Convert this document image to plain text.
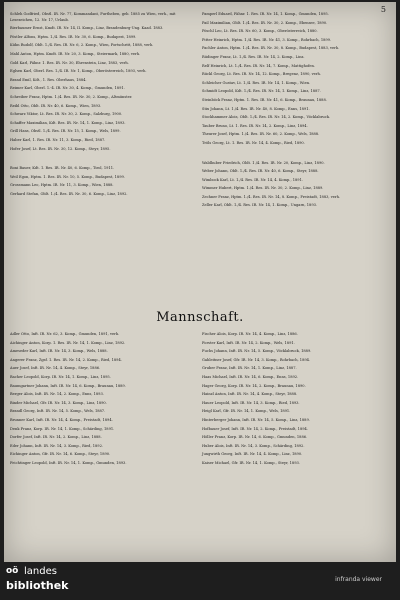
5
Schleh Godfried, Obstl. IR. Nr. 77, Kommandant, Furtheben, geb. 1885 zu Wien, verh., mit Lesezeichen, 12. Nr. 17, Urlaub.
Bierbaumer Ernst, Kmdt. IR. Nr. 14, II. Komp., Linz, Brandenburg-Ung. Kaad. 1883.
Pöstler Alfons, Hptm. 1./4. Res. IR. Nr. 30, 6. Komp., Budapest, 1899.
Kühn Rudolf, Oblt. 1./4. Res. IR. Nr. 6, 2. Komp., Wien, Fortschritt, 1888, verh.
Mahl Anton, Hptm. Kmdt. IR. Nr. 20, 3. Komp., Steiermark, 1880, verh.
Gold Karl, Fähnr. 1. Res. IR. Nr. 30, Ehrenstein, Linz, 1883, verh.
Eglsen Karl, Oberl. Res. 1./4. IR. Nr. 1, Komp., Oberösterreich, 1893, verh.
Brand Emil, Kdt., 1. Res. Oberhaus, 1884.
Reimer Karl, Oberl. 1.-4. IR. Nr. 30, 4. Komp., Gmunden, 1891.
Schreiber Franz, Hptm. 1./4. Res. IR. Nr. 30, 2. Komp., Altmünster.
Reibl Otto, Oblt. IR. Nr. 40, 6. Komp., Wien, 1893.
Schwarz Viktor, Lt. Res. IR. Nr. 30, 2. Komp., Salzburg, 1900.
Schaffer Maximilian, Kdt. Res. IR. Nr. 14, 1. Komp., Linz, 1893.
Grill Hans, Obstl. 1./4. Res. IR. Nr. 15, 1. Komp., Wels, 1899.
Haber Karl, 1. Res. IR. Nr. 11, 3. Komp., Ried, 1887.
Hofer Josef, Lt. Res. IR. Nr. 30, 12. Komp., Steyr, 1895.
Boni Bauer, Kdt. 1. Res. IR. Nr. 40, 6. Komp., Tirol, 1911.
Weil Egon, Hptm. 1. Res. IR. Nr. 10, 5. Komp., Budapest, 1899.
Grossmann Leo, Hptm. IR. Nr. 11, 3. Komp., Wien, 1888.
Gerhard Stefan, Oblt. 1./4. Res. IR. Nr. 30, 6. Komp., Linz, 1892.
Pamperl Eduard, Fähnr. 1. Res. IR. Nr. 14, 1. Komp., Gmunden, 1895.
Pail Maximilian, Oblt. 1./4. Res. IR. Nr. 30, 2. Komp., Ebensee, 1890.
Pöschl Leo, Lt. Res. IR. Nr. 60, 3. Komp., Oberösterreich, 1880.
Pitter Heinrich, Hptm. 1./4. Res. IR. Nr. 41, 3. Komp., Rohrbach, 1899.
Pachler Anton, Hptm. 1./4. Res. IR. Nr. 30, 8. Komp., Budapest, 1883, verh.
Rüdinger Franz, Lt. 1./4. Res. IR. Nr. 14, 2. Komp., Linz.
Relf Heinrich, Lt. 1./4. Res. IR. Nr. 14, 7. Komp., Mattighofen.
Rückl Georg, Lt. Res. IR. Nr. 14, 12. Komp., Bregenz, 1890, verh.
Schleicher Gustav, Lt. 1./4. Res. IR. Nr. 14, 1. Komp., Wien.
Schmidt Leopold, Kdt. 1./4. Res. IR. Nr. 14, 1. Komp., Linz, 1887.
Steinböck Franz, Hptm. 1. Res. IR. Nr. 41, 6. Komp., Braunau, 1888.
Stix Johann, Lt. 1./4. Res. IR. Nr. 40, 8. Komp., Enns, 1891.
Stockhammer Alois, Oblt. 1./4. Res. IR. Nr. 14, 2. Komp., Vöcklabruck.
Tauber Bruno, Lt. 1. Res. IR. Nr. 14, 2. Komp., Linz, 1894.
Theurer Josef, Hptm. 1./4. Res. IR. Nr. 60, 2. Komp., Wels, 1888.
Tröls Georg, Lt. 1. Res. IR. Nr. 14, 4. Komp., Ried, 1890.
Waldhuber Friedrich, Oblt. 1./4. Res. IR. Nr. 20, Komp., Linz, 1890.
Weber Johann, Oblt. 1./4. Res. IR. Nr. 40, 6. Komp., Steyr, 1888.
Wimbock Karl, Lt. 1./4. Res. IR. Nr. 14, 4. Komp., 1891.
Wimmer Hubert, Hptm. 1./4. Res. IR. Nr. 30, 2. Komp., Linz, 1889.
Zechner Franz, Hptm. 1./4. Res. IR. Nr. 14, 8. Komp., Freistadt, 1883, verh.
Zeller Karl, Oblt. 1./4. Res. IR. Nr. 14, 1. Komp., Ungarn, 1893.
Mannschaft.
Adler Otto, Inft. IR. Nr. 62, 3. Komp., Gmunden, 1891, verh.
Aichinger Anton, Korp. 1. Res. IR. Nr. 14, 1. Komp., Linz, 1892.
Ameseder Karl, Inft. IR. Nr. 14, 3. Komp., Wels, 1888.
Angerer Franz, Zgsf. 1. Res. IR. Nr. 14, 2. Komp., Ried, 1894.
Auer Josef, Inft. IR. Nr. 14, 4. Komp., Steyr, 1886.
Bacher Leopold, Korp. IR. Nr. 14, 1. Komp., Linz, 1895.
Baumgartner Johann, Inft. IR. Nr. 14, 6. Komp., Braunau, 1889.
Berger Alois, Inft. IR. Nr. 14, 2. Komp., Enns, 1893.
Binder Michael, Gfr. IR. Nr. 14, 3. Komp., Linz, 1890.
Brandl Georg, Inft. IR. Nr. 14, 5. Komp., Wels, 1887.
Brunner Karl, Inft. IR. Nr. 14, 4. Komp., Freistadt, 1894.
Denk Franz, Korp. IR. Nr. 14, 1. Komp., Schärding, 1891.
Dorfer Josef, Inft. IR. Nr. 14, 2. Komp., Linz, 1888.
Eder Johann, Inft. IR. Nr. 14, 3. Komp., Ried, 1892.
Eichinger Anton, Gfr. IR. Nr. 14, 6. Komp., Steyr, 1890.
Feichtinger Leopold, Inft. IR. Nr. 14, 1. Komp., Gmunden, 1893.
Fischer Alois, Korp. IR. Nr. 14, 4. Komp., Linz, 1886.
Forster Karl, Inft. IR. Nr. 14, 2. Komp., Wels, 1891.
Fuchs Johann, Inft. IR. Nr. 14, 5. Komp., Vöcklabruck, 1889.
Gahleitner Josef, Gfr. IR. Nr. 14, 3. Komp., Rohrbach, 1894.
Gruber Franz, Inft. IR. Nr. 14, 1. Komp., Linz, 1887.
Haas Michael, Inft. IR. Nr. 14, 6. Komp., Enns, 1892.
Hager Georg, Korp. IR. Nr. 14, 2. Komp., Braunau, 1890.
Hainzl Anton, Inft. IR. Nr. 14, 4. Komp., Steyr, 1888.
Hauer Leopold, Inft. IR. Nr. 14, 3. Komp., Ried, 1893.
Heigl Karl, Gfr. IR. Nr. 14, 1. Komp., Wels, 1891.
Hinterberger Johann, Inft. IR. Nr. 14, 5. Komp., Linz, 1889.
Hofbauer Josef, Inft. IR. Nr. 14, 2. Komp., Freistadt, 1894.
Höller Franz, Korp. IR. Nr. 14, 6. Komp., Gmunden, 1886.
Huber Alois, Inft. IR. Nr. 14, 3. Komp., Schärding, 1892.
Jungwirth Georg, Inft. IR. Nr. 14, 4. Komp., Linz, 1890.
Kaiser Michael, Gfr. IR. Nr. 14, 1. Komp., Steyr, 1893.
oö landes
bibliothek	infranda viewer
